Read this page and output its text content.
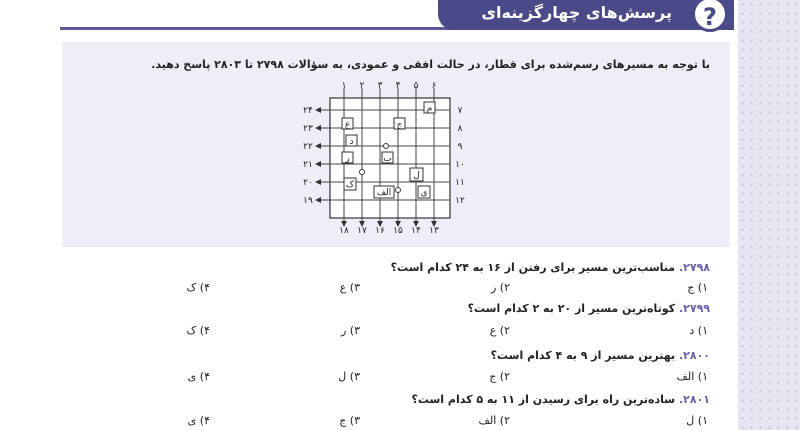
پرسش‌های چهارگزینه‌ای	?
با توجه به مسیرهای رسم‌شده برای قطار، در حالت افقی و عمودی، به سؤالات ۲۷۹۸ تا ۲۸۰۳ پاسخ دهید.
۱ ۲ ۳ ۴ ۵ ۶
۱۸ ۱۷ ۱۶ ۱۵ ۱۴ ۱۳
۷
۸
۹
۱۰
۱۱
۱۲
۲۴
۲۳
۲۲
۲۱
۲۰
۱۹
م
ج
ع
د
ب
ر
ل
ک
الف	ی
۲۷۹۸. مناسب‌ترین مسیر برای رفتن از ۱۶ به ۲۴ کدام است؟
۱) ج
۲) ر
۳) ع
۴) ک
۲۷۹۹. کوتاه‌ترین مسیر از ۲۰ به ۲ کدام است؟
۱) د
۲) ع
۳) ر
۴) ک
۲۸۰۰. بهترین مسیر از ۹ به ۴ کدام است؟
۱) الف
۲) ج
۳) ل
۴) ی
۲۸۰۱. ساده‌ترین راه برای رسیدن از ۱۱ به ۵ کدام است؟
۱) ل
۲) الف
۳) ج
۴) ی
